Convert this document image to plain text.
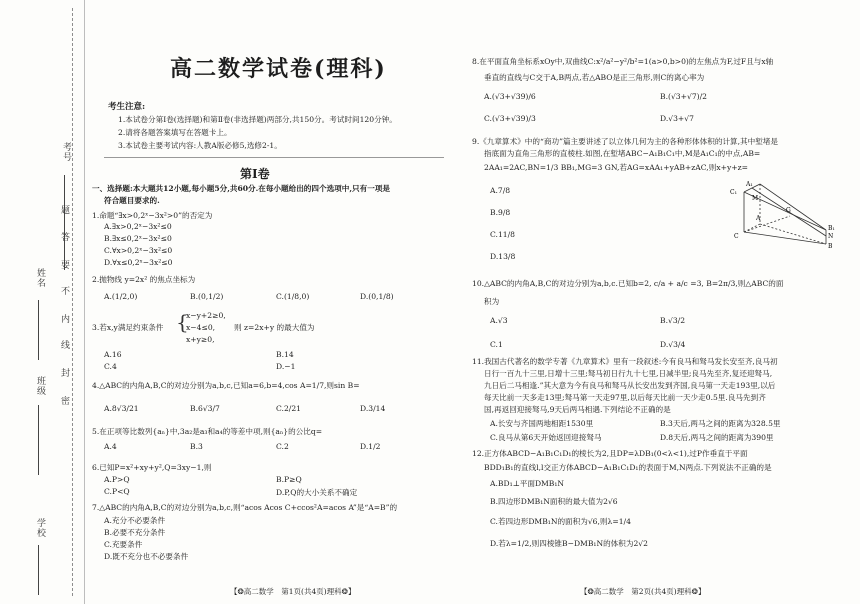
考号
姓名
班级
学校
题
答
要
不
内
线
封
密
高二数学试卷(理科)
考生注意:
1.本试卷分第Ⅰ卷(选择题)和第Ⅱ卷(非选择题)两部分,共150分。考试时间120分钟。
2.请将各题答案填写在答题卡上。
3.本试卷主要考试内容:人教A版必修5,选修2-1。
第Ⅰ卷
一、选择题:本大题共12小题,每小题5分,共60分.在每小题给出的四个选项中,只有一项是
符合题目要求的.
1.命题“∃x>0,2ˣ−3x²>0”的否定为
A.∃x>0,2ˣ−3x²≤0
B.∃x≤0,2ˣ−3x²≤0
C.∀x>0,2ˣ−3x²≤0
D.∀x≤0,2ˣ−3x²≤0
2.抛物线 y=2x² 的焦点坐标为
A.(1/2,0)	B.(0,1/2)	C.(1/8,0)	D.(0,1/8)
3.若x,y满足约束条件 {
x−y+2≥0,
x−4≤0,
x+y≥0,
则 z=2x+y 的最大值为
A.16	B.14
C.4	D.−1
4.△ABC的内角A,B,C的对边分别为a,b,c,已知a=6,b=4,cos A=1/7,则sin B=
A.8√3/21	B.6√3/7	C.2/21	D.3/14
5.在正项等比数列{aₙ}中,3a₂是a₃和a₄的等差中项,则{aₙ}的公比q=
A.4	B.3	C.2	D.1/2
6.已知P=x²+xy+y²,Q=3xy−1,则
A.P>Q	B.P≥Q
C.P<Q	D.P,Q的大小关系不确定
7.△ABC的内角A,B,C的对边分别为a,b,c,则“acos Acos C+ccos²A=acos A”是“A=B”的
A.充分不必要条件
B.必要不充分条件
C.充要条件
D.既不充分也不必要条件
【❂高二数学　第1页(共4页)理科❂】
8.在平面直角坐标系xOy中,双曲线C:x²/a²−y²/b²=1(a>0,b>0)的左焦点为F,过F且与x轴
垂直的直线与C交于A,B两点,若△ABO是正三角形,则C的离心率为
A.(√3+√39)/6	B.(√3+√7)/2
C.(√3+√39)/3	D.√3+√7
9.《九章算术》中的“商功”篇主要讲述了以立体几何为主的各种形体体积的计算,其中堑堵是
指底面为直角三角形的直棱柱.如图,在堑堵ABC−A₁B₁C₁中,M是A₁C₁的中点,AB=
2AA₁=2AC,BN=1/3 BB₁,MG=3 GN,若AG=xAA₁+yAB+zAC,则x+y+z=
A.7/8
B.9/8
C.11/8
D.13/8
A₁
C₁
M
B₁
G
N
A
C
B
10.△ABC的内角A,B,C的对边分别为a,b,c.已知b=2, c/a + a/c =3, B=2π/3,则△ABC的面
积为
A.√3	B.√3/2
C.1	D.√3/4
11.我国古代著名的数学专著《九章算术》里有一段叙述:今有良马和驽马发长安至齐,良马初
日行一百九十三里,日增十三里;驽马初日行九十七里,日减半里;良马先至齐,复还迎驽马,
九日后二马相逢.”其大意为今有良马和驽马从长安出发到齐国,良马第一天走193里,以后
每天比前一天多走13里;驽马第一天走97里,以后每天比前一天少走0.5里.良马先到齐
国,再返回迎接驽马,9天后两马相遇.下列结论不正确的是
A.长安与齐国两地相距1530里	B.3天后,两马之间的距离为328.5里
C.良马从第6天开始返回迎接驽马	D.8天后,两马之间的距离为390里
12.正方体ABCD−A₁B₁C₁D₁的棱长为2,且DP=λDB₁(0<λ<1),过P作垂直于平面
BDD₁B₁的直线l,l交正方体ABCD−A₁B₁C₁D₁的表面于M,N两点.下列说法不正确的是
A.BD₁⊥平面DMB₁N
B.四边形DMB₁N面积的最大值为2√6
C.若四边形DMB₁N的面积为√6,则λ=1/4
D.若λ=1/2,则四棱锥B−DMB₁N的体积为2√2
【❂高二数学　第2页(共4页)理科❂】
